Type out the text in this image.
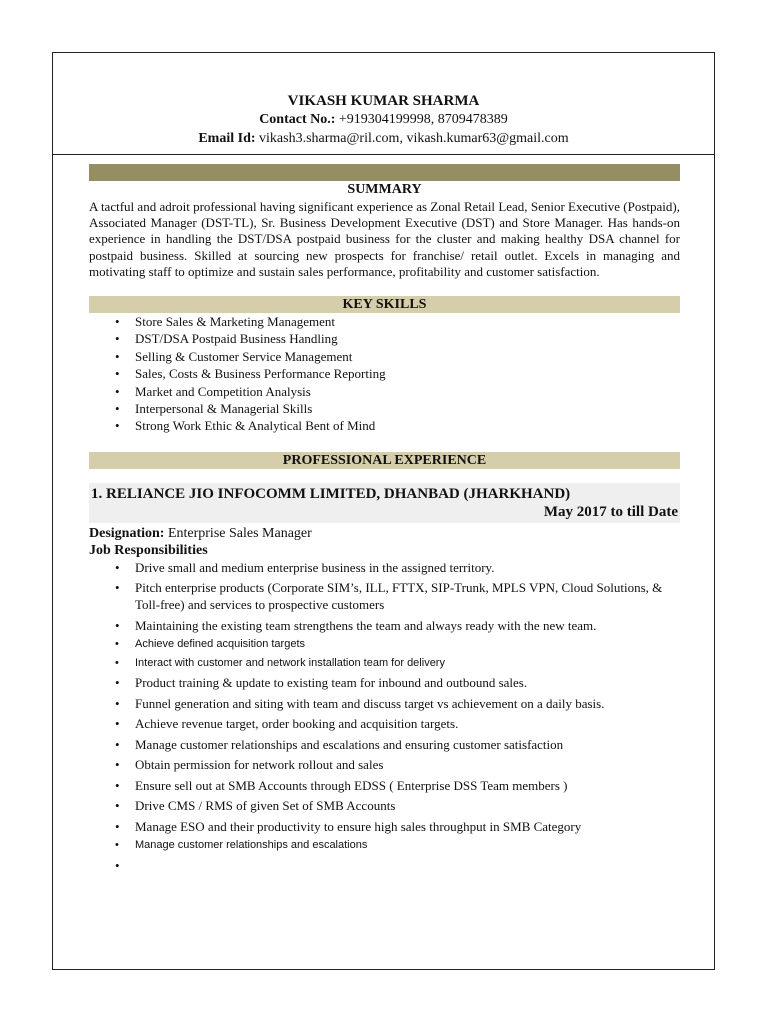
VIKASH KUMAR SHARMA
Contact No.: +919304199998, 8709478389
Email Id: vikash3.sharma@ril.com, vikash.kumar63@gmail.com
SUMMARY
A tactful and adroit professional having significant experience as Zonal Retail Lead, Senior Executive (Postpaid), Associated Manager (DST-TL), Sr. Business Development Executive (DST) and Store Manager. Has hands-on experience in handling the DST/DSA postpaid business for the cluster and making healthy DSA channel for postpaid business. Skilled at sourcing new prospects for franchise/ retail outlet. Excels in managing and motivating staff to optimize and sustain sales performance, profitability and customer satisfaction.
KEY SKILLS
• Store Sales & Marketing Management
• DST/DSA Postpaid Business Handling
• Selling & Customer Service Management
• Sales, Costs & Business Performance Reporting
• Market and Competition Analysis
• Interpersonal & Managerial Skills
• Strong Work Ethic & Analytical Bent of Mind
PROFESSIONAL EXPERIENCE
1. RELIANCE JIO INFOCOMM LIMITED, DHANBAD (JHARKHAND)
May 2017 to till Date
Designation: Enterprise Sales Manager
Job Responsibilities
• Drive small and medium enterprise business in the assigned territory.
• Pitch enterprise products (Corporate SIM’s, ILL, FTTX, SIP-Trunk, MPLS VPN, Cloud Solutions, & Toll-free) and services to prospective customers
• Maintaining the existing team strengthens the team and always ready with the new team.
• Achieve defined acquisition targets
• Interact with customer and network installation team for delivery
• Product training & update to existing team for inbound and outbound sales.
• Funnel generation and siting with team and discuss target vs achievement on a daily basis.
• Achieve revenue target, order booking and acquisition targets.
• Manage customer relationships and escalations and ensuring customer satisfaction
• Obtain permission for network rollout and sales
• Ensure sell out at SMB Accounts through EDSS ( Enterprise DSS Team members )
• Drive CMS / RMS of given Set of SMB Accounts
• Manage ESO and their productivity to ensure high sales throughput in SMB Category
• Manage customer relationships and escalations
•
